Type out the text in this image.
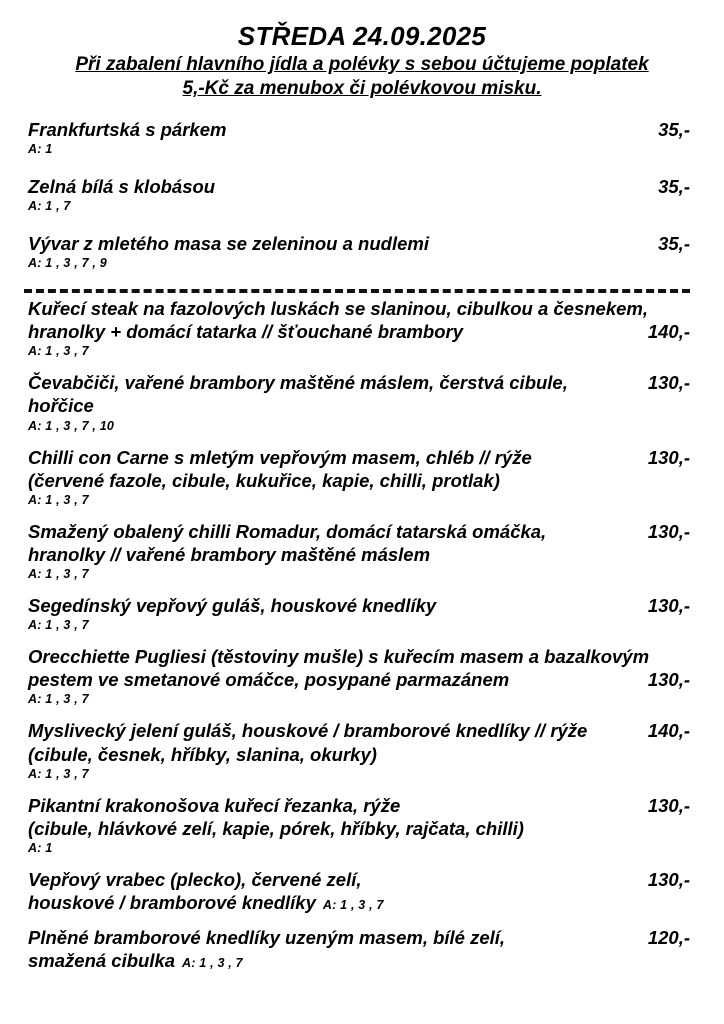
STŘEDA 24.09.2025
Při zabalení hlavního jídla a polévky s sebou účtujeme poplatek
5,-Kč za menubox či polévkovou misku.
Frankfurtská s párkem	35,-
A: 1
Zelná bílá s klobásou	35,-
A: 1 , 7
Vývar z mletého masa se zeleninou a nudlemi	35,-
A: 1 , 3 , 7 , 9
Kuřecí steak na fazolových luskách se slaninou, cibulkou a česnekem,
hranolky + domácí tatarka // šťouchané brambory	140,-
A: 1 , 3 , 7
Čevabčiči, vařené brambory maštěné máslem, čerstvá cibule,	130,-
hořčice
A: 1 , 3 , 7 , 10
Chilli con Carne s mletým vepřovým masem, chléb // rýže	130,-
(červené fazole, cibule, kukuřice, kapie, chilli, protlak)
A: 1 , 3 , 7
Smažený obalený chilli Romadur, domácí tatarská omáčka,	130,-
hranolky // vařené brambory maštěné máslem
A: 1 , 3 , 7
Segedínský vepřový guláš, houskové knedlíky	130,-
A: 1 , 3 , 7
Orecchiette Pugliesi (těstoviny mušle) s kuřecím masem a bazalkovým
pestem ve smetanové omáčce, posypané parmazánem	130,-
A: 1 , 3 , 7
Myslivecký jelení guláš, houskové / bramborové knedlíky // rýže	140,-
(cibule, česnek, hříbky, slanina, okurky)
A: 1 , 3 , 7
Pikantní krakonošova kuřecí řezanka, rýže	130,-
(cibule, hlávkové zelí, kapie, pórek, hříbky, rajčata, chilli)
A: 1
Vepřový vrabec (plecko), červené zelí,	130,-
houskové / bramborové knedlíky A: 1 , 3 , 7
Plněné bramborové knedlíky uzeným masem, bílé zelí,	120,-
smažená cibulka A: 1 , 3 , 7
